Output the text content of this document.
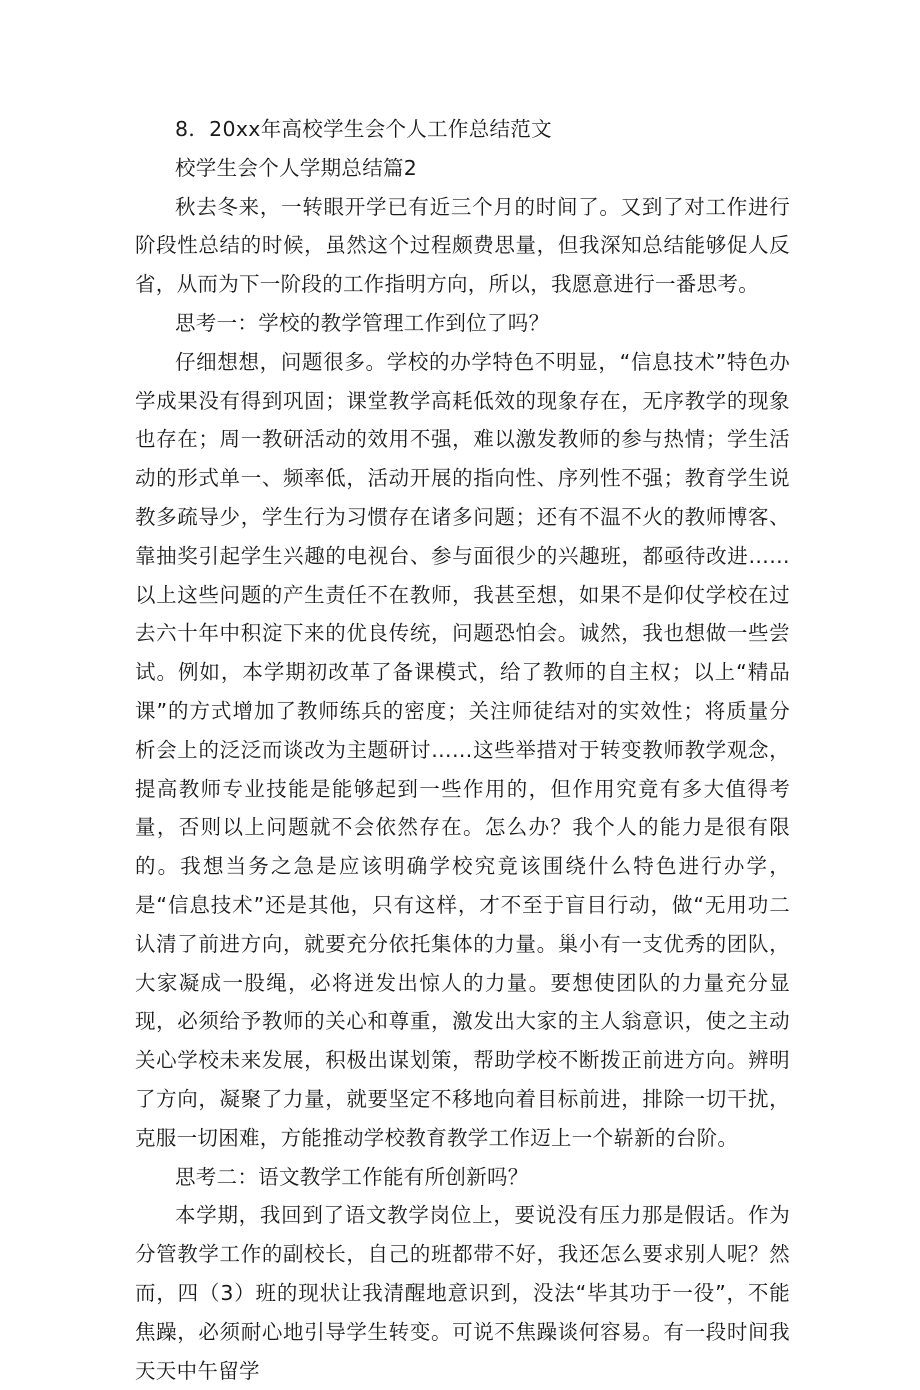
8．20xx年高校学生会个人工作总结范文

校学生会个人学期总结篇2

秋去冬来，一转眼开学已有近三个月的时间了。又到了对工作进行阶段性总结的时候，虽然这个过程颇费思量，但我深知总结能够促人反省，从而为下一阶段的工作指明方向，所以，我愿意进行一番思考。

思考一：学校的教学管理工作到位了吗？

仔细想想，问题很多。学校的办学特色不明显，“信息技术”特色办学成果没有得到巩固；课堂教学高耗低效的现象存在，无序教学的现象也存在；周一教研活动的效用不强，难以激发教师的参与热情；学生活动的形式单一、频率低，活动开展的指向性、序列性不强；教育学生说教多疏导少，学生行为习惯存在诸多问题；还有不温不火的教师博客、靠抽奖引起学生兴趣的电视台、参与面很少的兴趣班，都亟待改进……以上这些问题的产生责任不在教师，我甚至想，如果不是仰仗学校在过去六十年中积淀下来的优良传统，问题恐怕会。诚然，我也想做一些尝试。例如，本学期初改革了备课模式，给了教师的自主权；以上“精品课”的方式增加了教师练兵的密度；关注师徒结对的实效性；将质量分析会上的泛泛而谈改为主题研讨……这些举措对于转变教师教学观念，提高教师专业技能是能够起到一些作用的，但作用究竟有多大值得考量，否则以上问题就不会依然存在。怎么办？我个人的能力是很有限的。我想当务之急是应该明确学校究竟该围绕什么特色进行办学，是“信息技术”还是其他，只有这样，才不至于盲目行动，做“无用功二认清了前进方向，就要充分依托集体的力量。巢小有一支优秀的团队，大家凝成一股绳，必将迸发出惊人的力量。要想使团队的力量充分显现，必须给予教师的关心和尊重，激发出大家的主人翁意识，使之主动关心学校未来发展，积极出谋划策，帮助学校不断拨正前进方向。辨明了方向，凝聚了力量，就要坚定不移地向着目标前进，排除一切干扰，克服一切困难，方能推动学校教育教学工作迈上一个崭新的台阶。

思考二：语文教学工作能有所创新吗？

本学期，我回到了语文教学岗位上，要说没有压力那是假话。作为分管教学工作的副校长，自己的班都带不好，我还怎么要求别人呢？然而，四（3）班的现状让我清醒地意识到，没法“毕其功于一役”，不能焦躁，必须耐心地引导学生转变。可说不焦躁谈何容易。有一段时间我天天中午留学
